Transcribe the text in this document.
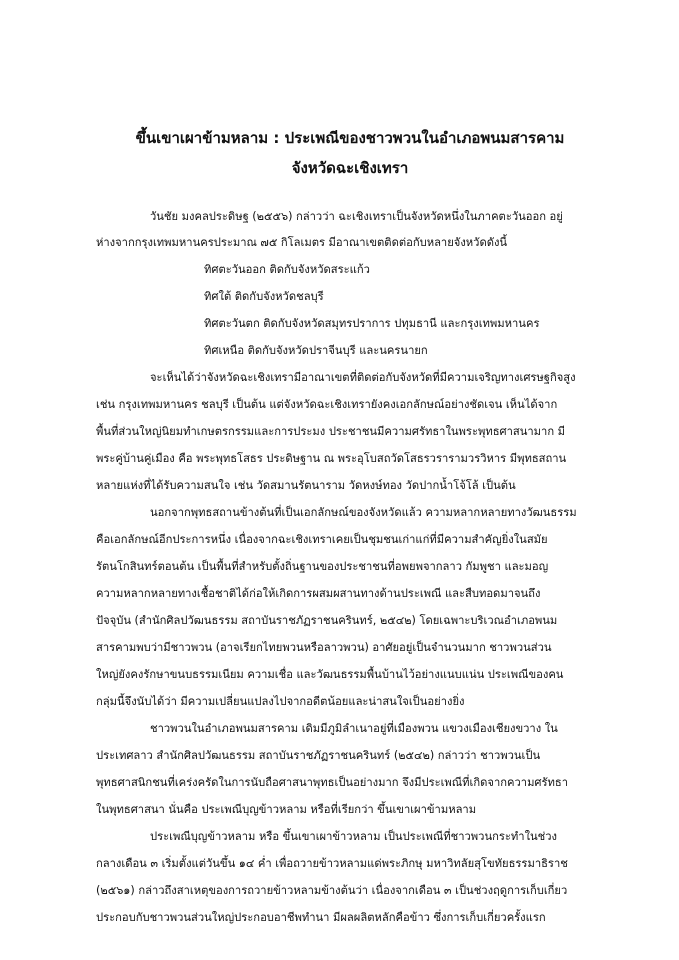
ขึ้นเขาเผาข้ามหลาม : ประเพณีของชาวพวนในอำเภอพนมสารคาม
จังหวัดฉะเชิงเทรา
วันชัย มงคลประดิษฐ (๒๕๕๖) กล่าวว่า ฉะเชิงเทราเป็นจังหวัดหนึ่งในภาคตะวันออก อยู่
ห่างจากกรุงเทพมหานครประมาณ ๗๕ กิโลเมตร มีอาณาเขตติดต่อกับหลายจังหวัดดังนี้
ทิศตะวันออก ติดกับจังหวัดสระแก้ว
ทิศใต้ ติดกับจังหวัดชลบุรี
ทิศตะวันตก ติดกับจังหวัดสมุทรปราการ ปทุมธานี และกรุงเทพมหานคร
ทิศเหนือ ติดกับจังหวัดปราจีนบุรี และนครนายก
จะเห็นได้ว่าจังหวัดฉะเชิงเทรามีอาณาเขตที่ติดต่อกับจังหวัดที่มีความเจริญทางเศรษฐกิจสูง
เช่น กรุงเทพมหานคร ชลบุรี เป็นต้น แต่จังหวัดฉะเชิงเทรายังคงเอกลักษณ์อย่างชัดเจน เห็นได้จาก
พื้นที่ส่วนใหญ่นิยมทำเกษตรกรรมและการประมง ประชาชนมีความศรัทธาในพระพุทธศาสนามาก มี
พระคู่บ้านคู่เมือง คือ พระพุทธโสธร ประดิษฐาน ณ พระอุโบสถวัดโสธรวรารามวรวิหาร มีพุทธสถาน
หลายแห่งที่ได้รับความสนใจ เช่น วัดสมานรัตนาราม วัดหงษ์ทอง วัดปากน้ำโจ้โล้ เป็นต้น
นอกจากพุทธสถานข้างต้นที่เป็นเอกลักษณ์ของจังหวัดแล้ว ความหลากหลายทางวัฒนธรรม
คือเอกลักษณ์อีกประการหนึ่ง เนื่องจากฉะเชิงเทราเคยเป็นชุมชนเก่าแก่ที่มีความสำคัญยิ่งในสมัย
รัตนโกสินทร์ตอนต้น เป็นพื้นที่สำหรับตั้งถิ่นฐานของประชาชนที่อพยพจากลาว กัมพูชา และมอญ
ความหลากหลายทางเชื้อชาติได้ก่อให้เกิดการผสมผสานทางด้านประเพณี และสืบทอดมาจนถึง
ปัจจุบัน (สำนักศิลปวัฒนธรรม สถาบันราชภัฏราชนครินทร์, ๒๕๔๒) โดยเฉพาะบริเวณอำเภอพนม
สารคามพบว่ามีชาวพวน (อาจเรียกไทยพวนหรือลาวพวน) อาศัยอยู่เป็นจำนวนมาก ชาวพวนส่วน
ใหญ่ยังคงรักษาขนบธรรมเนียม ความเชื่อ และวัฒนธรรมพื้นบ้านไว้อย่างแนบแน่น ประเพณีของคน
กลุ่มนี้จึงนับได้ว่า มีความเปลี่ยนแปลงไปจากอดีตน้อยและน่าสนใจเป็นอย่างยิ่ง
ชาวพวนในอำเภอพนมสารคาม เดิมมีภูมิลำเนาอยู่ที่เมืองพวน แขวงเมืองเชียงขวาง ใน
ประเทศลาว สำนักศิลปวัฒนธรรม สถาบันราชภัฏราชนครินทร์ (๒๕๔๒) กล่าวว่า ชาวพวนเป็น
พุทธศาสนิกชนที่เคร่งครัดในการนับถือศาสนาพุทธเป็นอย่างมาก จึงมีประเพณีที่เกิดจากความศรัทธา
ในพุทธศาสนา นั่นคือ ประเพณีบุญข้าวหลาม หรือที่เรียกว่า ขึ้นเขาเผาข้ามหลาม
ประเพณีบุญข้าวหลาม หรือ ขึ้นเขาเผาข้าวหลาม เป็นประเพณีที่ชาวพวนกระทำในช่วง
กลางเดือน ๓ เริ่มตั้งแต่วันขึ้น ๑๔ ค่ำ เพื่อถวายข้าวหลามแด่พระภิกษุ มหาวิทลัยสุโขทัยธรรมาธิราช
(๒๕๖๑) กล่าวถึงสาเหตุของการถวายข้าวหลามข้างต้นว่า เนื่องจากเดือน ๓ เป็นช่วงฤดูการเก็บเกี่ยว
ประกอบกับชาวพวนส่วนใหญ่ประกอบอาชีพทำนา มีผลผลิตหลักคือข้าว ซึ่งการเก็บเกี่ยวครั้งแรก
